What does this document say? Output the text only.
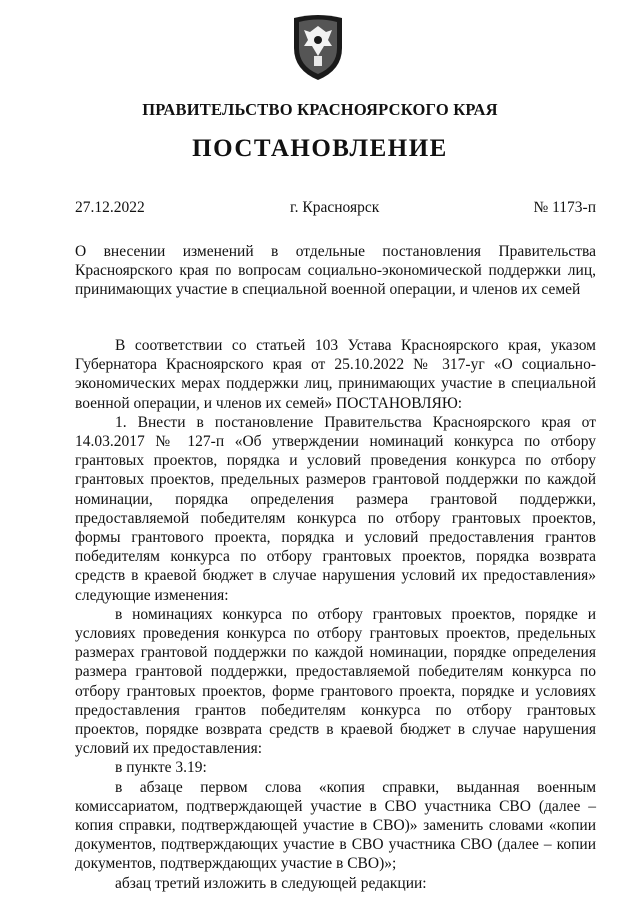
ПРАВИТЕЛЬСТВО КРАСНОЯРСКОГО КРАЯ
ПОСТАНОВЛЕНИЕ
27.12.2022	г. Красноярск	№ 1173-п
О внесении изменений в отдельные постановления Правительства Красноярского края по вопросам социально-экономической поддержки лиц, принимающих участие в специальной военной операции, и членов их семей

В соответствии со статьей 103 Устава Красноярского края, указом Губернатора Красноярского края от 25.10.2022 № 317-уг «О социально-экономических мерах поддержки лиц, принимающих участие в специальной военной операции, и членов их семей» ПОСТАНОВЛЯЮ:

1. Внести в постановление Правительства Красноярского края от 14.03.2017 № 127-п «Об утверждении номинаций конкурса по отбору грантовых проектов, порядка и условий проведения конкурса по отбору грантовых проектов, предельных размеров грантовой поддержки по каждой номинации, порядка определения размера грантовой поддержки, предоставляемой победителям конкурса по отбору грантовых проектов, формы грантового проекта, порядка и условий предоставления грантов победителям конкурса по отбору грантовых проектов, порядка возврата средств в краевой бюджет в случае нарушения условий их предоставления» следующие изменения:

в номинациях конкурса по отбору грантовых проектов, порядке и условиях проведения конкурса по отбору грантовых проектов, предельных размерах грантовой поддержки по каждой номинации, порядке определения размера грантовой поддержки, предоставляемой победителям конкурса по отбору грантовых проектов, форме грантового проекта, порядке и условиях предоставления грантов победителям конкурса по отбору грантовых проектов, порядке возврата средств в краевой бюджет в случае нарушения условий их предоставления:

в пункте 3.19:

в абзаце первом слова «копия справки, выданная военным комиссариатом, подтверждающей участие в СВО участника СВО (далее – копия справки, подтверждающей участие в СВО)» заменить словами «копии документов, подтверждающих участие в СВО участника СВО (далее – копии документов, подтверждающих участие в СВО)»;

абзац третий изложить в следующей редакции:
